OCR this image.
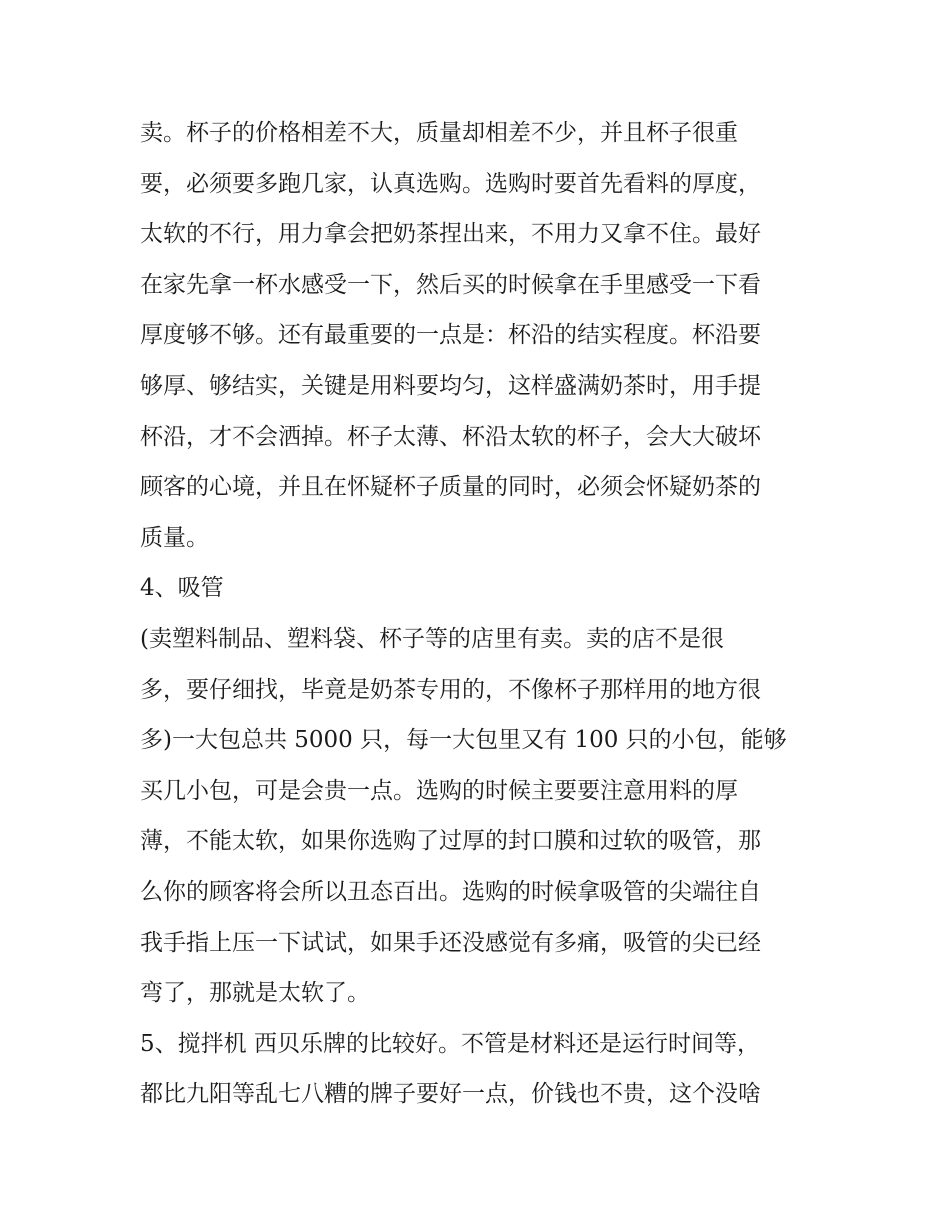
卖。杯子的价格相差不大，质量却相差不少，并且杯子很重
要，必须要多跑几家，认真选购。选购时要首先看料的厚度，
太软的不行，用力拿会把奶茶捏出来，不用力又拿不住。最好
在家先拿一杯水感受一下，然后买的时候拿在手里感受一下看
厚度够不够。还有最重要的一点是：杯沿的结实程度。杯沿要
够厚、够结实，关键是用料要均匀，这样盛满奶茶时，用手提
杯沿，才不会洒掉。杯子太薄、杯沿太软的杯子，会大大破坏
顾客的心境，并且在怀疑杯子质量的同时，必须会怀疑奶茶的
质量。
4、吸管
(卖塑料制品、塑料袋、杯子等的店里有卖。卖的店不是很
多，要仔细找，毕竟是奶茶专用的，不像杯子那样用的地方很
多)一大包总共 5000 只，每一大包里又有 100 只的小包，能够
买几小包，可是会贵一点。选购的时候主要要注意用料的厚
薄，不能太软，如果你选购了过厚的封口膜和过软的吸管，那
么你的顾客将会所以丑态百出。选购的时候拿吸管的尖端往自
我手指上压一下试试，如果手还没感觉有多痛，吸管的尖已经
弯了，那就是太软了。
5、搅拌机 西贝乐牌的比较好。不管是材料还是运行时间等，
都比九阳等乱七八糟的牌子要好一点，价钱也不贵，这个没啥
